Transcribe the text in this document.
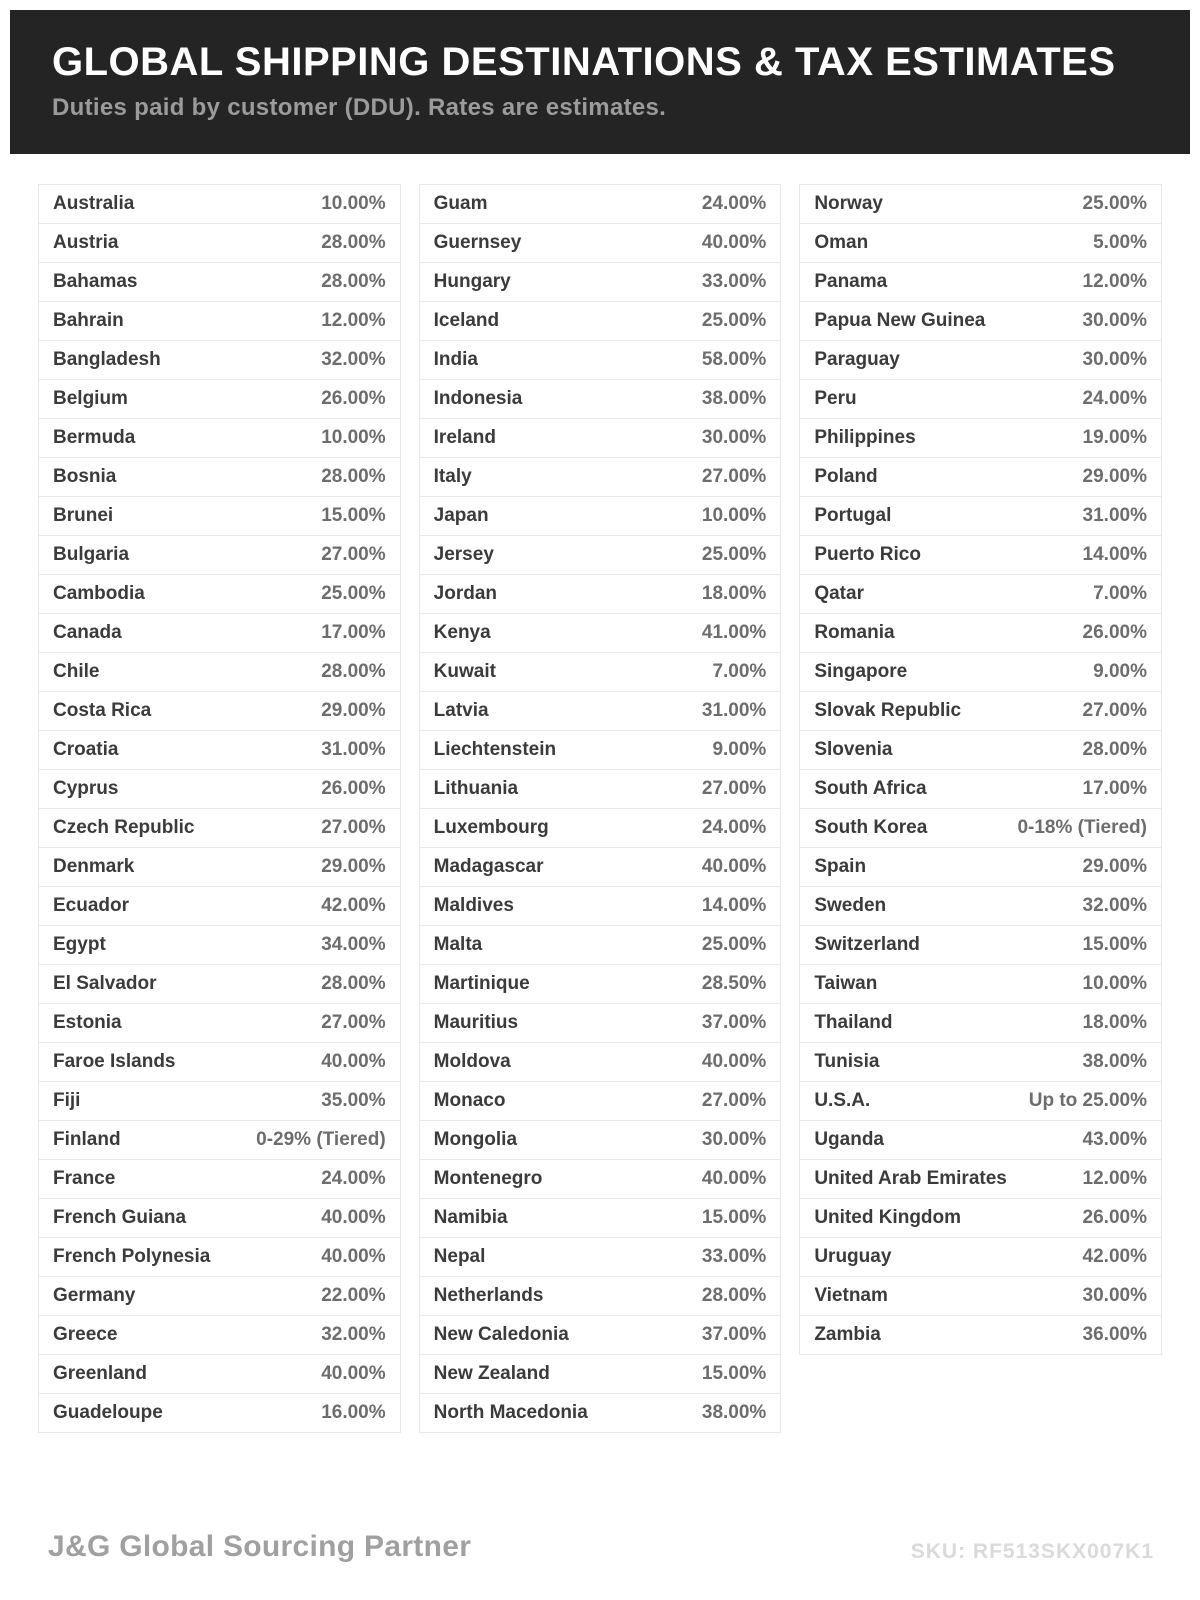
GLOBAL SHIPPING DESTINATIONS & TAX ESTIMATES

Duties paid by customer (DDU). Rates are estimates.

Australia	10.00%
Austria	28.00%
Bahamas	28.00%
Bahrain	12.00%
Bangladesh	32.00%
Belgium	26.00%
Bermuda	10.00%
Bosnia	28.00%
Brunei	15.00%
Bulgaria	27.00%
Cambodia	25.00%
Canada	17.00%
Chile	28.00%
Costa Rica	29.00%
Croatia	31.00%
Cyprus	26.00%
Czech Republic	27.00%
Denmark	29.00%
Ecuador	42.00%
Egypt	34.00%
El Salvador	28.00%
Estonia	27.00%
Faroe Islands	40.00%
Fiji	35.00%
Finland	0-29% (Tiered)
France	24.00%
French Guiana	40.00%
French Polynesia	40.00%
Germany	22.00%
Greece	32.00%
Greenland	40.00%
Guadeloupe	16.00%
Guam	24.00%
Guernsey	40.00%
Hungary	33.00%
Iceland	25.00%
India	58.00%
Indonesia	38.00%
Ireland	30.00%
Italy	27.00%
Japan	10.00%
Jersey	25.00%
Jordan	18.00%
Kenya	41.00%
Kuwait	7.00%
Latvia	31.00%
Liechtenstein	9.00%
Lithuania	27.00%
Luxembourg	24.00%
Madagascar	40.00%
Maldives	14.00%
Malta	25.00%
Martinique	28.50%
Mauritius	37.00%
Moldova	40.00%
Monaco	27.00%
Mongolia	30.00%
Montenegro	40.00%
Namibia	15.00%
Nepal	33.00%
Netherlands	28.00%
New Caledonia	37.00%
New Zealand	15.00%
North Macedonia	38.00%
Norway	25.00%
Oman	5.00%
Panama	12.00%
Papua New Guinea	30.00%
Paraguay	30.00%
Peru	24.00%
Philippines	19.00%
Poland	29.00%
Portugal	31.00%
Puerto Rico	14.00%
Qatar	7.00%
Romania	26.00%
Singapore	9.00%
Slovak Republic	27.00%
Slovenia	28.00%
South Africa	17.00%
South Korea	0-18% (Tiered)
Spain	29.00%
Sweden	32.00%
Switzerland	15.00%
Taiwan	10.00%
Thailand	18.00%
Tunisia	38.00%
U.S.A.	Up to 25.00%
Uganda	43.00%
United Arab Emirates	12.00%
United Kingdom	26.00%
Uruguay	42.00%
Vietnam	30.00%
Zambia	36.00%
J&G Global Sourcing Partner	SKU: RF513SKX007K1
